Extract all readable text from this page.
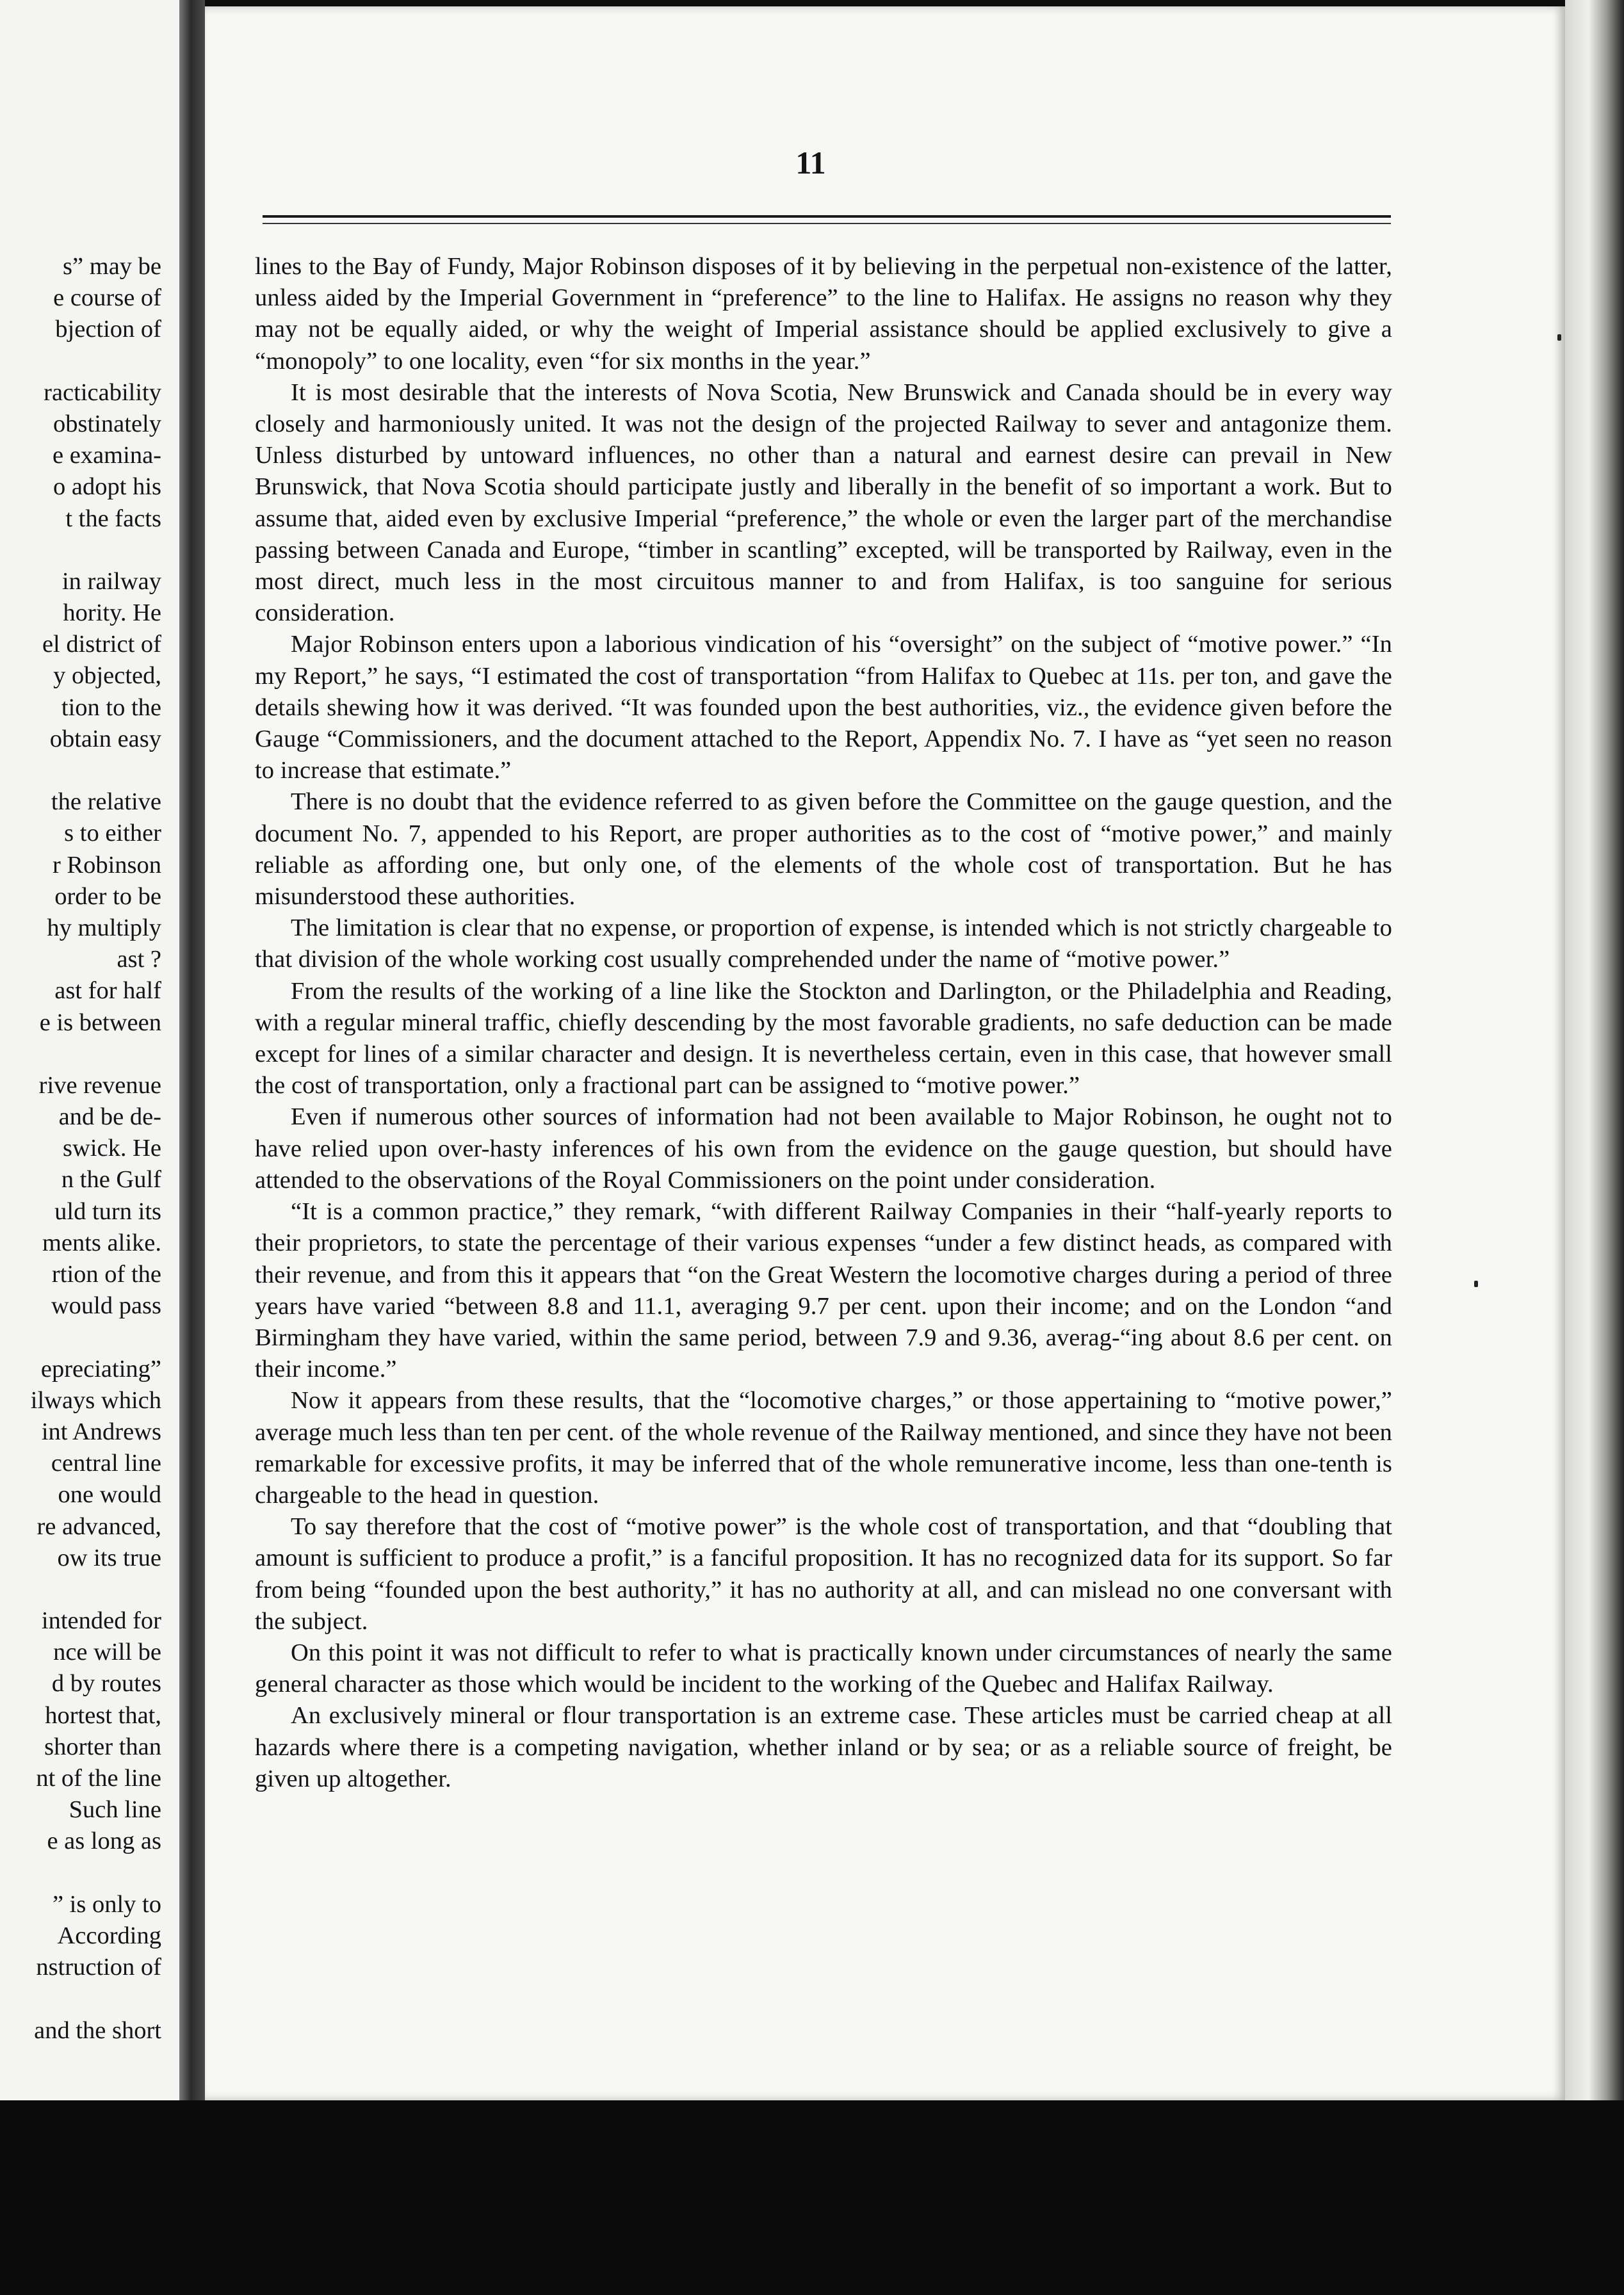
s” may be
e course of
bjection of
racticability
obstinately
e examina-
o adopt his
t the facts
in railway
hority. He
el district of
y objected,
tion to the
obtain easy
the relative
s to either
r Robinson
order to be
hy multiply
ast ?
ast for half
e is between
rive revenue
and be de-
swick. He
n the Gulf
uld turn its
ments alike.
rtion of the
would pass
epreciating”
ilways which
int Andrews
central line
one would
re advanced,
ow its true
intended for
nce will be
d by routes
hortest that,
shorter than
nt of the line
Such line
e as long as
” is only to
According
nstruction of
and the short
11

lines to the Bay of Fundy, Major Robinson disposes of it by believing in the perpetual non-existence of the latter, unless aided by the Imperial Government in “preference” to the line to Halifax. He assigns no reason why they may not be equally aided, or why the weight of Imperial assistance should be applied exclusively to give a “monopoly” to one locality, even “for six months in the year.”

It is most desirable that the interests of Nova Scotia, New Brunswick and Canada should be in every way closely and harmoniously united. It was not the design of the projected Railway to sever and antagonize them. Unless disturbed by untoward influences, no other than a natural and earnest desire can prevail in New Brunswick, that Nova Scotia should participate justly and liberally in the benefit of so important a work. But to assume that, aided even by exclusive Imperial “preference,” the whole or even the larger part of the merchandise passing between Canada and Europe, “timber in scantling” excepted, will be transported by Railway, even in the most direct, much less in the most circuitous manner to and from Halifax, is too sanguine for serious consideration.

Major Robinson enters upon a laborious vindication of his “oversight” on the subject of “motive power.” “In my Report,” he says, “I estimated the cost of transportation “from Halifax to Quebec at 11s. per ton, and gave the details shewing how it was derived. “It was founded upon the best authorities, viz., the evidence given before the Gauge “Commissioners, and the document attached to the Report, Appendix No. 7. I have as “yet seen no reason to increase that estimate.”

There is no doubt that the evidence referred to as given before the Committee on the gauge question, and the document No. 7, appended to his Report, are proper authorities as to the cost of “motive power,” and mainly reliable as affording one, but only one, of the elements of the whole cost of transportation. But he has misunderstood these authorities.

The limitation is clear that no expense, or proportion of expense, is intended which is not strictly chargeable to that division of the whole working cost usually comprehended under the name of “motive power.”

From the results of the working of a line like the Stockton and Darlington, or the Philadelphia and Reading, with a regular mineral traffic, chiefly descending by the most favorable gradients, no safe deduction can be made except for lines of a similar character and design. It is nevertheless certain, even in this case, that however small the cost of transportation, only a fractional part can be assigned to “motive power.”

Even if numerous other sources of information had not been available to Major Robinson, he ought not to have relied upon over-hasty inferences of his own from the evidence on the gauge question, but should have attended to the observations of the Royal Commissioners on the point under consideration.

“It is a common practice,” they remark, “with different Railway Companies in their “half-yearly reports to their proprietors, to state the percentage of their various expenses “under a few distinct heads, as compared with their revenue, and from this it appears that “on the Great Western the locomotive charges during a period of three years have varied “between 8.8 and 11.1, averaging 9.7 per cent. upon their income; and on the London “and Birmingham they have varied, within the same period, between 7.9 and 9.36, averag-“ing about 8.6 per cent. on their income.”

Now it appears from these results, that the “locomotive charges,” or those appertaining to “motive power,” average much less than ten per cent. of the whole revenue of the Railway mentioned, and since they have not been remarkable for excessive profits, it may be inferred that of the whole remunerative income, less than one-tenth is chargeable to the head in question.

To say therefore that the cost of “motive power” is the whole cost of transportation, and that “doubling that amount is sufficient to produce a profit,” is a fanciful proposition. It has no recognized data for its support. So far from being “founded upon the best authority,” it has no authority at all, and can mislead no one conversant with the subject.

On this point it was not difficult to refer to what is practically known under circumstances of nearly the same general character as those which would be incident to the working of the Quebec and Halifax Railway.

An exclusively mineral or flour transportation is an extreme case. These articles must be carried cheap at all hazards where there is a competing navigation, whether inland or by sea; or as a reliable source of freight, be given up altogether.
